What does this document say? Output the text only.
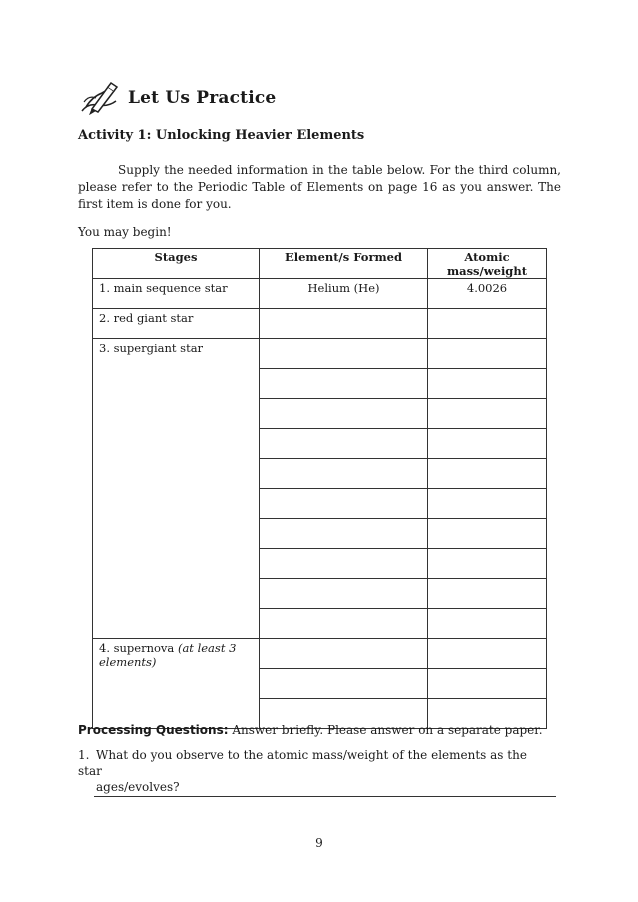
Let Us Practice
Activity 1: Unlocking Heavier Elements
Supply the needed information in the table below. For the third column, please refer to the Periodic Table of Elements on page 16 as you answer. The first item is done for you.
You may begin!
Stages	Element/s Formed	Atomic mass/weight
1. main sequence star	Helium (He)	4.0026
2. red giant star		
3. supergiant star		

4. supernova (at least 3 elements)		

Processing Questions: Answer briefly. Please answer on a separate paper.
1. What do you observe to the atomic mass/weight of the elements as the star
ages/evolves?
9
